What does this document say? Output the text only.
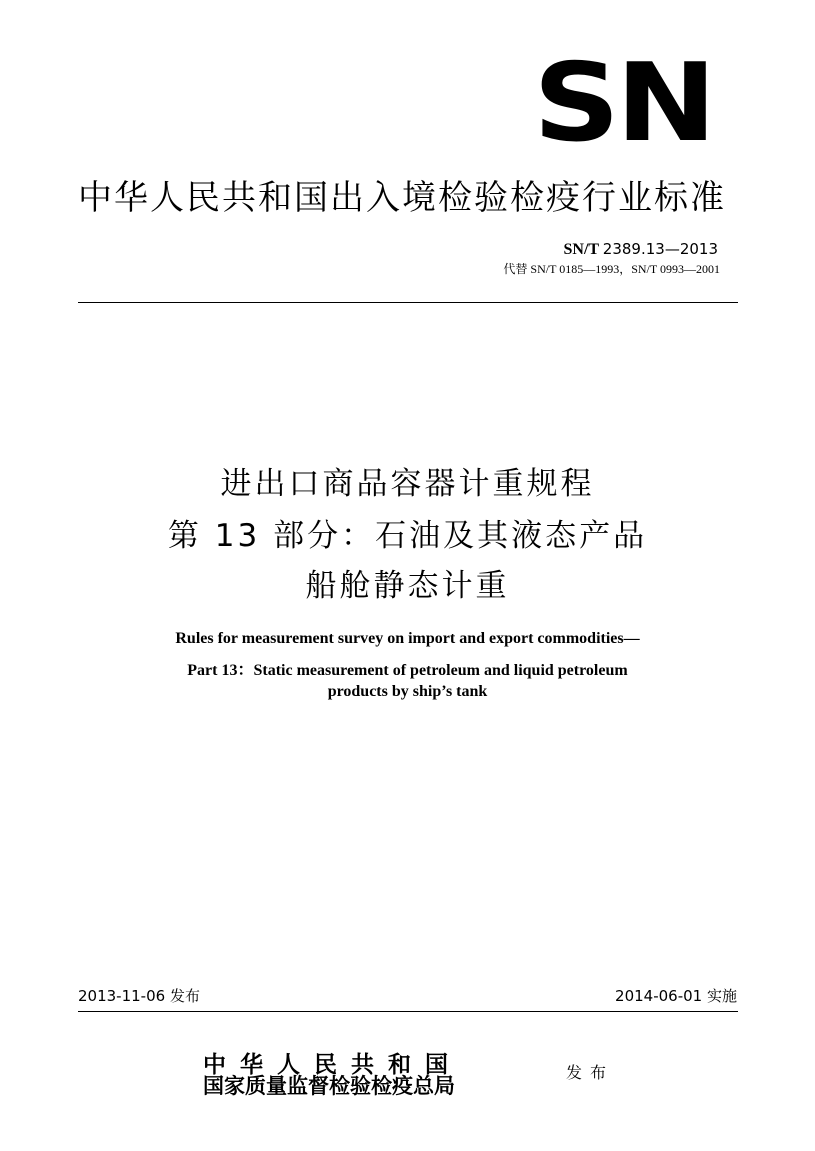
SN
中华人民共和国出入境检验检疫行业标准
SN/T 2389.13—2013
代替 SN/T 0185—1993，SN/T 0993—2001
进出口商品容器计重规程
第 13 部分：石油及其液态产品
船舱静态计重
Rules for measurement survey on import and export commodities—
Part 13：Static measurement of petroleum and liquid petroleum
products by ship’s tank
2013-11-06 发布	2014-06-01 实施
中华人民共和国
国家质量监督检验检疫总局
发布
